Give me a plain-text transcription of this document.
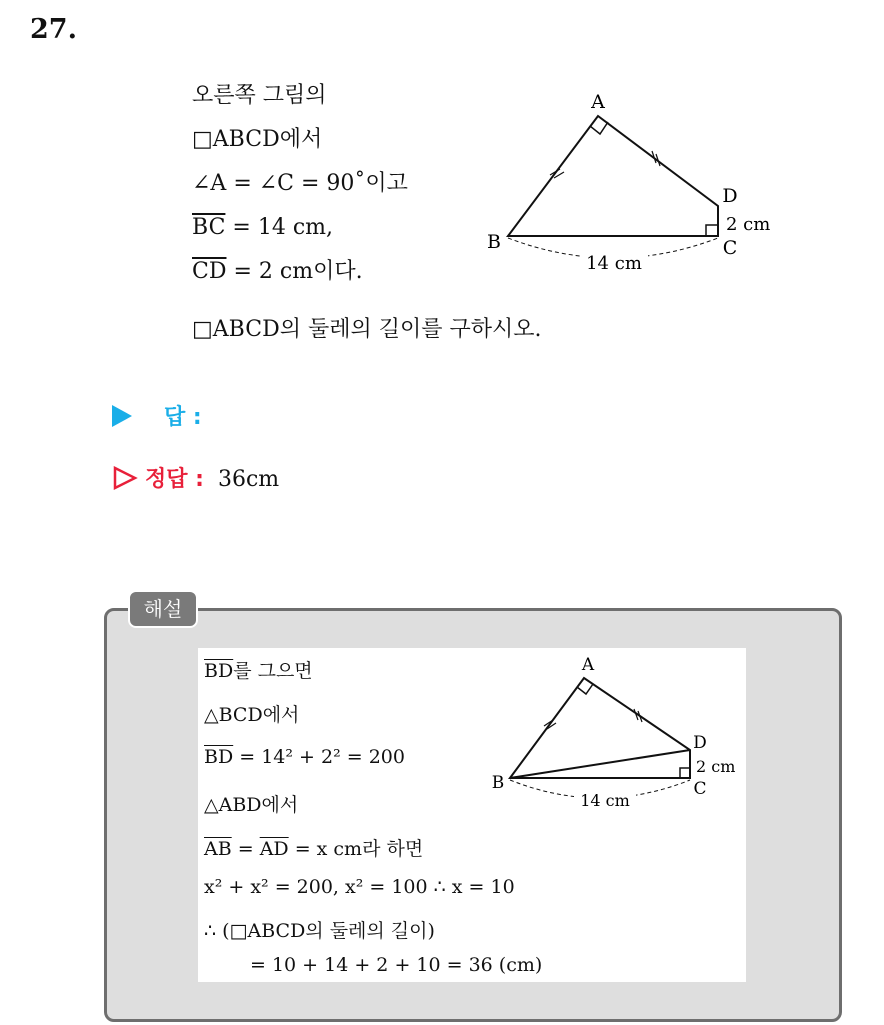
27.
오른쪽 그림의
□ABCD에서
∠A = ∠C = 90˚이고
$\overline{BC} = 14$ cm,
$\overline{CD} = 2$ cm이다.
□ABCD의 둘레의 길이를 구하시오.
14 cm
A
B	C
D
2 cm
답 :
정답 : 36cm
해설
$\overline{BD}$를 그으면
△BCD에서
$\overline{BD} = 14^2 + 2^2 = 200$
△ABD에서
$\overline{AB} = \overline{AD} = x$ cm라 하면
x² + x² = 200, x² = 100 ∴ x = 10
∴ (□ABCD의 둘레의 길이)
= 10 + 14 + 2 + 10 = 36 (cm)
14 cm
A
B	C
D
2 cm
